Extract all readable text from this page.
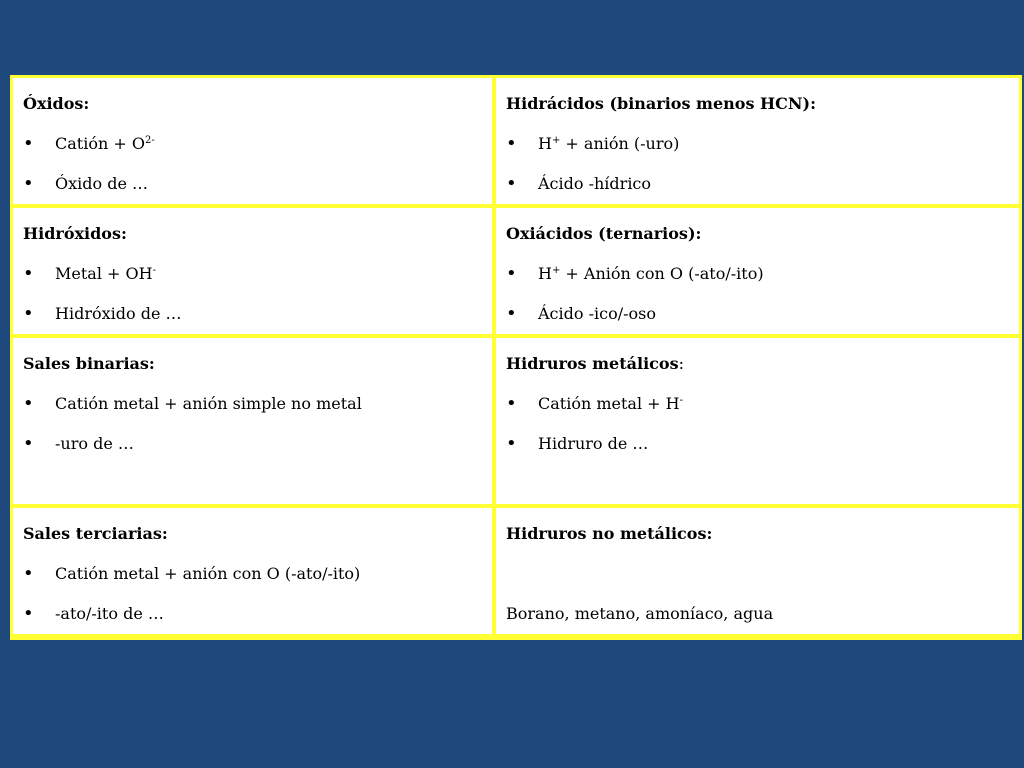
Óxidos:
• Catión + $O^{2-}$
• Óxido de …
Hidrácidos (binarios menos HCN):
• H+ + anión (-uro)
• Ácido -hídrico
Hidróxidos:
• Metal + OH-
• Hidróxido de …
Oxiácidos (ternarios):
• H+ + Anión con O (-ato/-ito)
• Ácido -ico/-oso
Sales binarias:
• Catión metal + anión simple no metal
• -uro de …
Hidruros metálicos:
• Catión metal + H-
• Hidruro de …
Sales terciarias:
• Catión metal + anión con O (-ato/-ito)
• -ato/-ito de …
Hidruros no metálicos:
Borano, metano, amoníaco, agua
